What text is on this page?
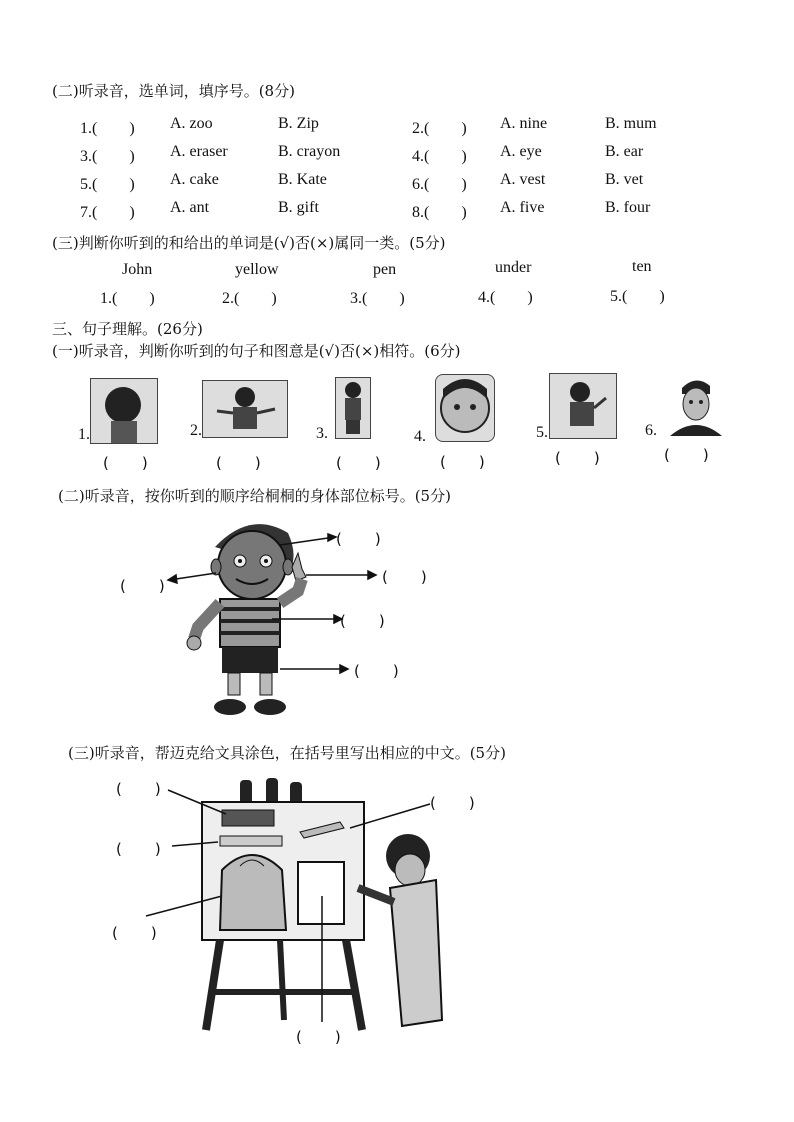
(二)听录音，选单词，填序号。(8分)
1.(　　) A. zoo	B. Zip	2.(　　) A. nine	B. mum
3.(　　) A. eraser	B. crayon	4.(　　) A. eye	B. ear
5.(　　) A. cake	B. Kate	6.(　　) A. vest	B. vet
7.(　　) A. ant	B. gift	8.(　　) A. five	B. four
(三)判断你听到的和给出的单词是(√)否(×)属同一类。(5分)
John	yellow	pen	under	ten
1.(　　)	2.(　　)	3.(　　)	4.(　　)	5.(　　)
三、句子理解。(26分)
(一)听录音，判断你听到的句子和图意是(√)否(×)相符。(6分)
1.	2.	3.	4.	5.	6.
(　　)	(　　)	(　　)	(　　)	(　　)	(　　)
(二)听录音，按你听到的顺序给桐桐的身体部位标号。(5分)
(　　)
(　　)	(　　)
(　　)
(　　)
(三)听录音，帮迈克给文具涂色，在括号里写出相应的中文。(5分)
(　　)
(　　)
(　　)
(　　)
(　　)
